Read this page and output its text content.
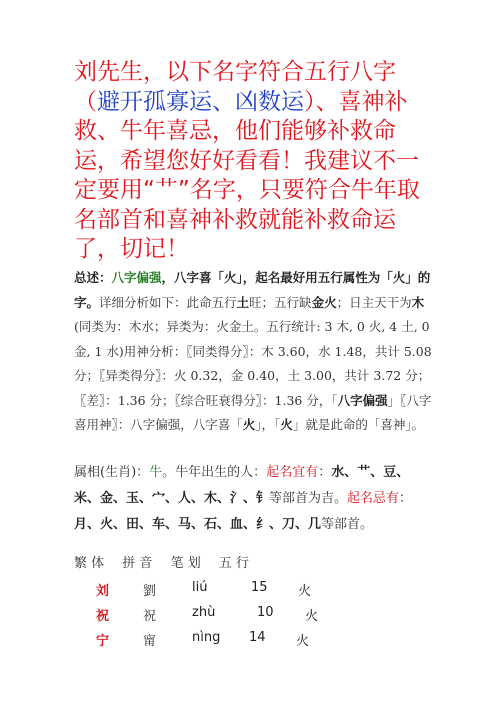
刘先生，以下名字符合五行八字（避开孤寡运、凶数运）、喜神补救、牛年喜忌，他们能够补救命运，希望您好好看看！我建议不一定要用“艹”名字，只要符合牛年取名部首和喜神补救就能补救命运了，切记！
总述：八字偏强，八字喜「火」，起名最好用五行属性为「火」的字。详细分析如下：此命五行土旺；五行缺金火；日主天干为木(同类为：木水；异类为：火金土。五行统计: 3 木, 0 火, 4 土, 0 金, 1 水)用神分析：〖同类得分〗：木 3.60，水 1.48，共计 5.08 分；〖异类得分〗：火 0.32，金 0.40，土 3.00，共计 3.72 分；〖差〗：1.36 分；〖综合旺衰得分〗：1.36 分，「八字偏强」〖八字喜用神〗：八字偏强，八字喜「火」，「火」就是此命的「喜神」。
属相(生肖)：牛。牛年出生的人：起名宜有：水、艹、豆、米、金、玉、宀、人、木、氵、钅等部首为吉。起名忌有：月、火、田、车、马、石、血、纟、刀、几等部首。
繁 体 拼 音 笔 划 五 行
刘	劉	liú	15 火
祝	祝	zhù	10 火
宁	甯	nìng 14 火
